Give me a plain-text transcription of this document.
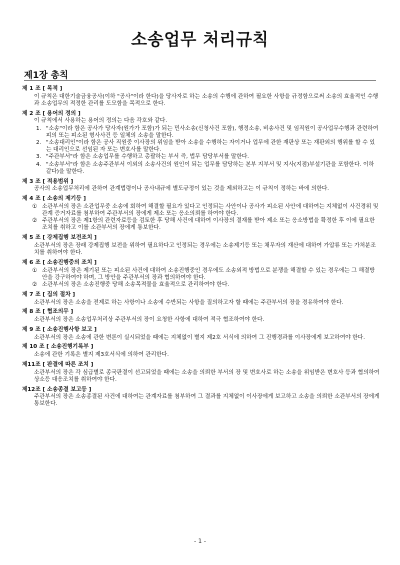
소송업무 처리규칙
제1장 총칙
제 1 조 [ 목적 ]
이 규칙은 대한기술금융공사(이하 "공사"이라 한다)을 당사자로 하는 소송의 수행에 관하여 필요한 사항을 규정함으로써 소송의 효율적인 수행과 소송업무의 적정한 관리를 도모함을 목적으로 한다.
제 2 조 [ 용어의 정의 ]
이 규칙에서 사용하는 용어의 정의는 다음 각호와 같다.
1. "소송"이라 함은 공사가 당사자(원가가 포함)가 되는 민사소송(신청사건 포함), 행정소송, 비송사건 및 임직원이 공사업무수행과 관련하여 피의 또는 피소된 형사사건 등 일체의 소송을 말한다.
2. "소송대리인"이라 함은 공사 직원중 이사장의 위임을 받아 소송을 수행하는 자이거나 업무에 관한 재판상 또는 재판외의 행위를 할 수 있는 대리인으로 선임된 자 또는 변호사를 말한다.
3. "주관부서"라 함은 소송업무를 수행하고 총괄하는 부서 즉, 법무 담당부서를 말한다.
4. "소송부서"라 함은 소송주관부서 이외의 소송사건의 원인이 되는 업무를 담당하는 본부 지부서 및 지사(지점)부설기관을 포함한다. 이하 같다)을 말한다.
제 3 조 [ 적용범위 ]
공사의 소송업무처리에 관하여 관계법령이나 공사내규에 별도규정이 있는 것을 제외하고는 이 규칙이 정하는 바에 의한다.
제 4 조 [ 소송의 제기등 ]
① 소관부서의 장은 소관업무중 소송에 회하여 해결할 필요가 있다고 인정되는 사안이나 공사가 피소된 사안에 대하여는 지체없이 사건경위 및 관계 증거자료를 첨부하여 주관부서의 장에게 제소 또는 응소의뢰를 하여야 한다.
② 주관부서의 장은 제1항의 관련자료등을 검토한 후 당해 사건에 대하여 이사장의 결재를 받아 제소 또는 응소방법을 확정한 후 이에 필요한 조치를 취하고 이를 소관부서의 장에게 통보한다.
제 5 조 [ 강제집행 보전조치 ]
소관부서의 장은 장래 강제집행 보전을 위하여 필요하다고 인정되는 경우에는 소송제기등 또는 채무자의 재산에 대하여 가압류 또는 가처분조치를 취하여야 한다.
제 6 조 [ 소송진행중의 조치 ]
① 소관부서의 장은 제기된 또는 피소된 사건에 대하여 소송진행중인 경우에도 소송외적 방법으로 분쟁을 해결할 수 있는 경우에는 그 해결방안을 강구하여야 하며, 그 방안을 주관부서의 장과 협의하여야 한다.
② 소관부서의 장은 소송진행중 당해 소송목적물을 효율적으로 관리하여야 한다.
제 7 조 [ 집의 절차 ]
소관부서의 장은 소송을 전제로 하는 사항이나 소송에 수반되는 사항을 질의하고자 할 때에는 주관부서의 장을 경유하여야 한다.
제 8 조 [ 협조의무 ]
소관부서의 장은 소송업무처리상 주관부서의 장이 요청한 사항에 대하여 적극 협조하여야 한다.
제 9 조 [ 소송진행사항 보고 ]
소관부서의 장은 소송에 관한 변론이 실시되었을 때에는 지체없이 별지 제2호 서식에 의하여 그 진행경과를 이사장에게 보고하여야 한다.
제 10 조 [ 소송진행기록부 ]
소송에 관한 기록은 별지 제3호서식에 의하여 관리한다.
제11조 [ 판결에 따른 조치 ]
소관부서의 장은 각 심급별로 종국판결이 선고되었을 때에는 소송을 의뢰한 부서의 장 및 변호사로 하는 소송을 위임받은 변호사 등과 협의하여 상소등 대응조치를 취하여야 한다.
제12조 [ 소송종결 보고등 ]
주관부서의 장은 소송종결된 사건에 대하여는 관계자료를 첨부하여 그 결과를 지체없이 이사장에게 보고하고 소송을 의뢰한 소관부서의 장에게 통보한다.
- 1 -
